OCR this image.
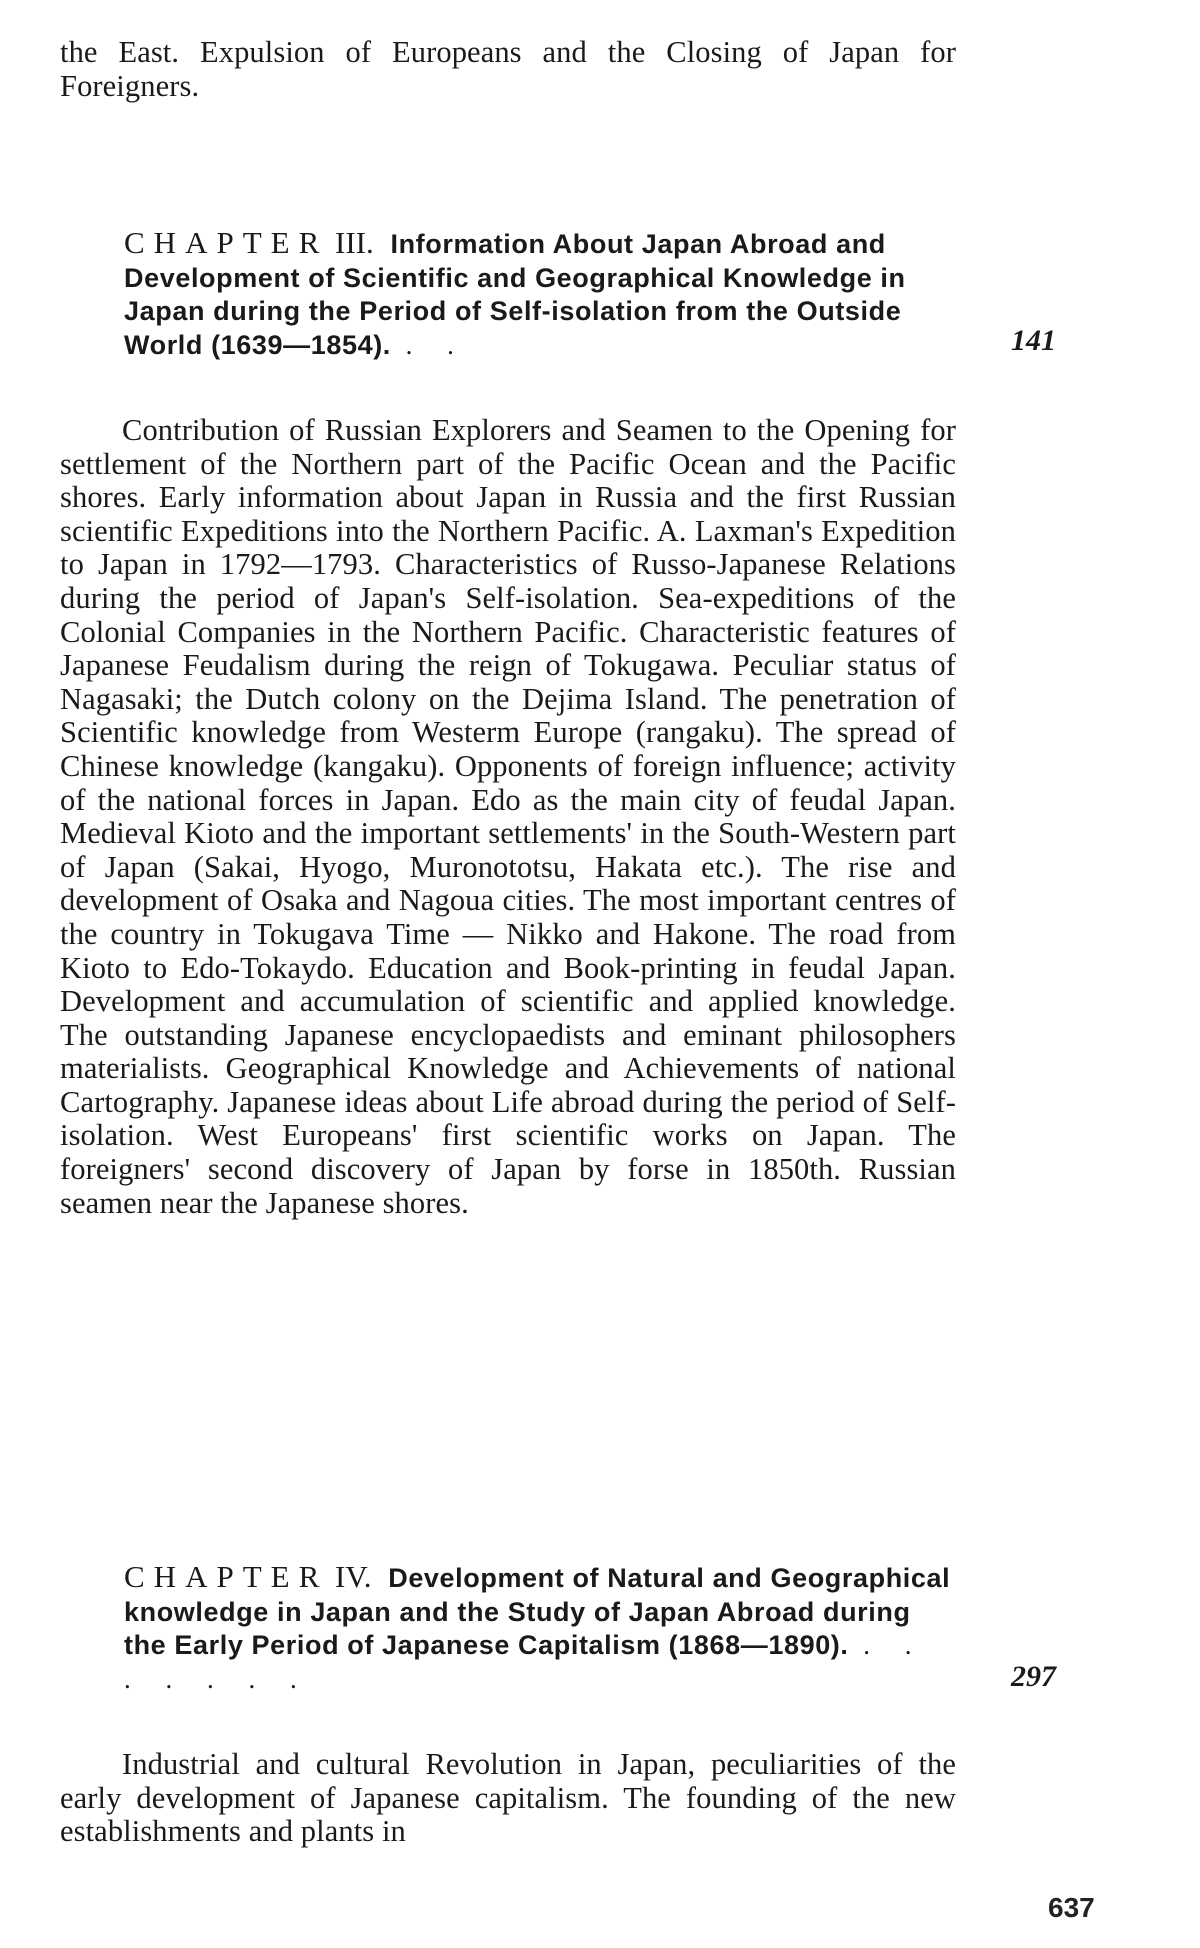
the East. Expulsion of Europeans and the Closing of Japan for Foreigners.
CHAPTER III. Information About Japan Abroad and Development of Scientific and Geographical Knowledge in Japan during the Period of Self-isolation from the Outside World (1639—1854). . .	141
Contribution of Russian Explorers and Seamen to the Opening for settlement of the Northern part of the Pacific Ocean and the Pacific shores. Early information about Japan in Russia and the first Russian scientific Expeditions into the Northern Pacific. A. Laxman's Expedition to Japan in 1792—1793. Characteristics of Russo-Japanese Relations during the period of Japan's Self-isolation. Sea-expeditions of the Colonial Companies in the Northern Pacific. Characteristic features of Japanese Feudalism during the reign of Tokugawa. Peculiar status of Nagasaki; the Dutch colony on the Dejima Island. The penetration of Scientific knowledge from Westerm Europe (rangaku). The spread of Chinese knowledge (kangaku). Opponents of foreign influence; activity of the national forces in Japan. Edo as the main city of feudal Japan. Medieval Kioto and the important settlements' in the South-Western part of Japan (Sakai, Hyogo, Muronototsu, Hakata etc.). The rise and development of Osaka and Nagoua cities. The most important centres of the country in Tokugava Time — Nikko and Hakone. The road from Kioto to Edo-Tokaydo. Education and Book-printing in feudal Japan. Development and accumulation of scientific and applied knowledge. The outstanding Japanese encyclopaedists and eminant philosophers materialists. Geographical Knowledge and Achievements of national Cartography. Japanese ideas about Life abroad during the period of Self-isolation. West Europeans' first scientific works on Japan. The foreigners' second discovery of Japan by forse in 1850th. Russian seamen near the Japanese shores.
CHAPTER IV. Development of Natural and Geographical knowledge in Japan and the Study of Japan Abroad during the Early Period of Japanese Capitalism (1868—1890). . . . . . . .	297
Industrial and cultural Revolution in Japan, peculiarities of the early development of Japanese capitalism. The founding of the new establishments and plants in
637
